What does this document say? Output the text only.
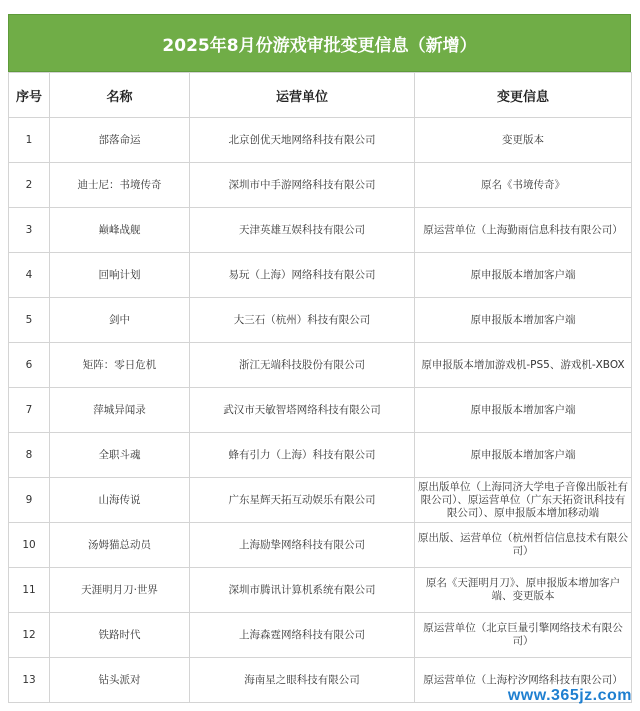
2025年8月份游戏审批变更信息（新增）
序号	名称	运营单位	变更信息
1	部落命运	北京创优天地网络科技有限公司	变更版本
2	迪士尼：书境传奇	深圳市中手游网络科技有限公司	原名《书境传奇》
3	巅峰战舰	天津英雄互娱科技有限公司	原运营单位（上海勤雨信息科技有限公司）
4	回响计划	易玩（上海）网络科技有限公司	原申报版本增加客户端
5	剑中	大三石（杭州）科技有限公司	原申报版本增加客户端
6	矩阵：零日危机	浙江无端科技股份有限公司	原申报版本增加游戏机-PS5、游戏机-XBOX
7	萍城异闻录	武汉市天敏智塔网络科技有限公司	原申报版本增加客户端
8	全职斗魂	蜂有引力（上海）科技有限公司	原申报版本增加客户端
9	山海传说	广东星辉天拓互动娱乐有限公司	原出版单位（上海同济大学电子音像出版社有限公司）、原运营单位（广东天拓资讯科技有限公司）、原申报版本增加移动端
10	汤姆猫总动员	上海励挚网络科技有限公司	原出版、运营单位（杭州哲信信息技术有限公司）
11	天涯明月刀·世界	深圳市腾讯计算机系统有限公司	原名《天涯明月刀》、原申报版本增加客户端、变更版本
12	铁路时代	上海森霆网络科技有限公司	原运营单位（北京巨量引擎网络技术有限公司）
13	钻头派对	海南星之眼科技有限公司	原运营单位（上海柠汐网络科技有限公司）
www.365jz.com
